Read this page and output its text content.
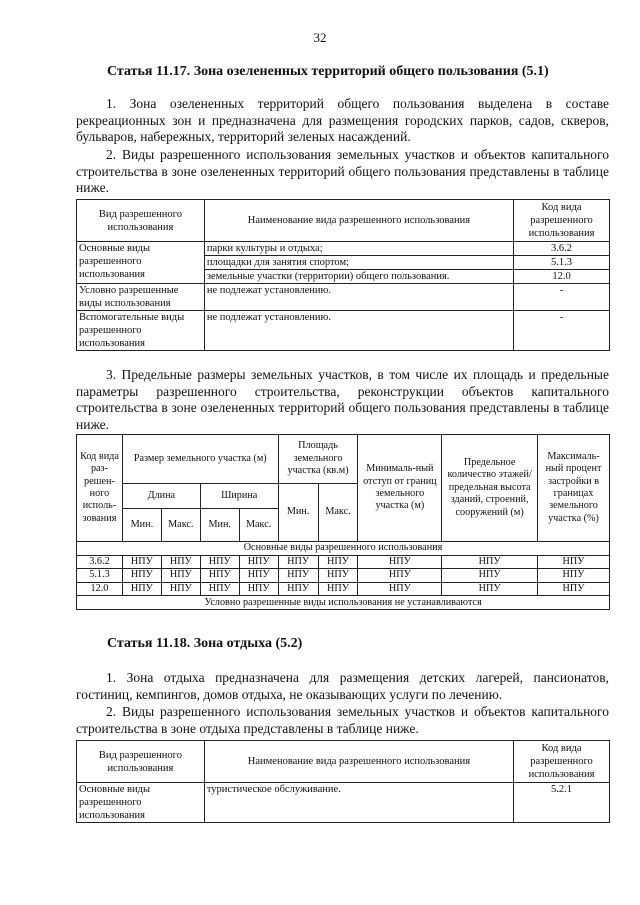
32
Статья 11.17. Зона озелененных территорий общего пользования (5.1)
1. Зона озелененных территорий общего пользования выделена в составе рекреационных зон и предназначена для размещения городских парков, садов, скверов, бульваров, набережных, территорий зеленых насаждений.
2. Виды разрешенного использования земельных участков и объектов капитального строительства в зоне озелененных территорий общего пользования представлены в таблице ниже.
Вид разрешенного использования	Наименование вида разрешенного использования	Код вида разрешенного использования
Основные виды разрешенного использования	парки культуры и отдыха;	3.6.2
	площадки для занятия спортом;	5.1.3
	земельные участки (территории) общего пользования.	12.0
Условно разрешенные виды использования	не подлежат установлению.	-
Вспомогательные виды разрешенного использования	не подлежат установлению.	-
3. Предельные размеры земельных участков, в том числе их площадь и предельные параметры разрешенного строительства, реконструкции объектов капитального строительства в зоне озелененных территорий общего пользования представлены в таблице ниже.
Код вида раз-решен-ного исполь-зования	Размер земельного участка (м)				Площадь земельного участка (кв.м)		Минималь-ный отступ от границ земельного участка (м)	Предельное количество этажей/ предельная высота зданий, строений, сооружений (м)	Максималь-ный процент застройки в границах земельного участка (%)
	Длина		Ширина		Мин.	Макс.			
	Мин.	Макс.	Мин.	Макс.					
Основные виды разрешенного использования									
3.6.2	НПУ	НПУ	НПУ	НПУ	НПУ	НПУ	НПУ	НПУ	НПУ
5.1.3	НПУ	НПУ	НПУ	НПУ	НПУ	НПУ	НПУ	НПУ	НПУ
12.0	НПУ	НПУ	НПУ	НПУ	НПУ	НПУ	НПУ	НПУ	НПУ
Условно разрешенные виды использования не устанавливаются									
Статья 11.18. Зона отдыха (5.2)
1. Зона отдыха предназначена для размещения детских лагерей, пансионатов, гостиниц, кемпингов, домов отдыха, не оказывающих услуги по лечению.
2. Виды разрешенного использования земельных участков и объектов капитального строительства в зоне отдыха представлены в таблице ниже.
Вид разрешенного использования	Наименование вида разрешенного использования	Код вида разрешенного использования
Основные виды разрешенного использования	туристическое обслуживание.	5.2.1
